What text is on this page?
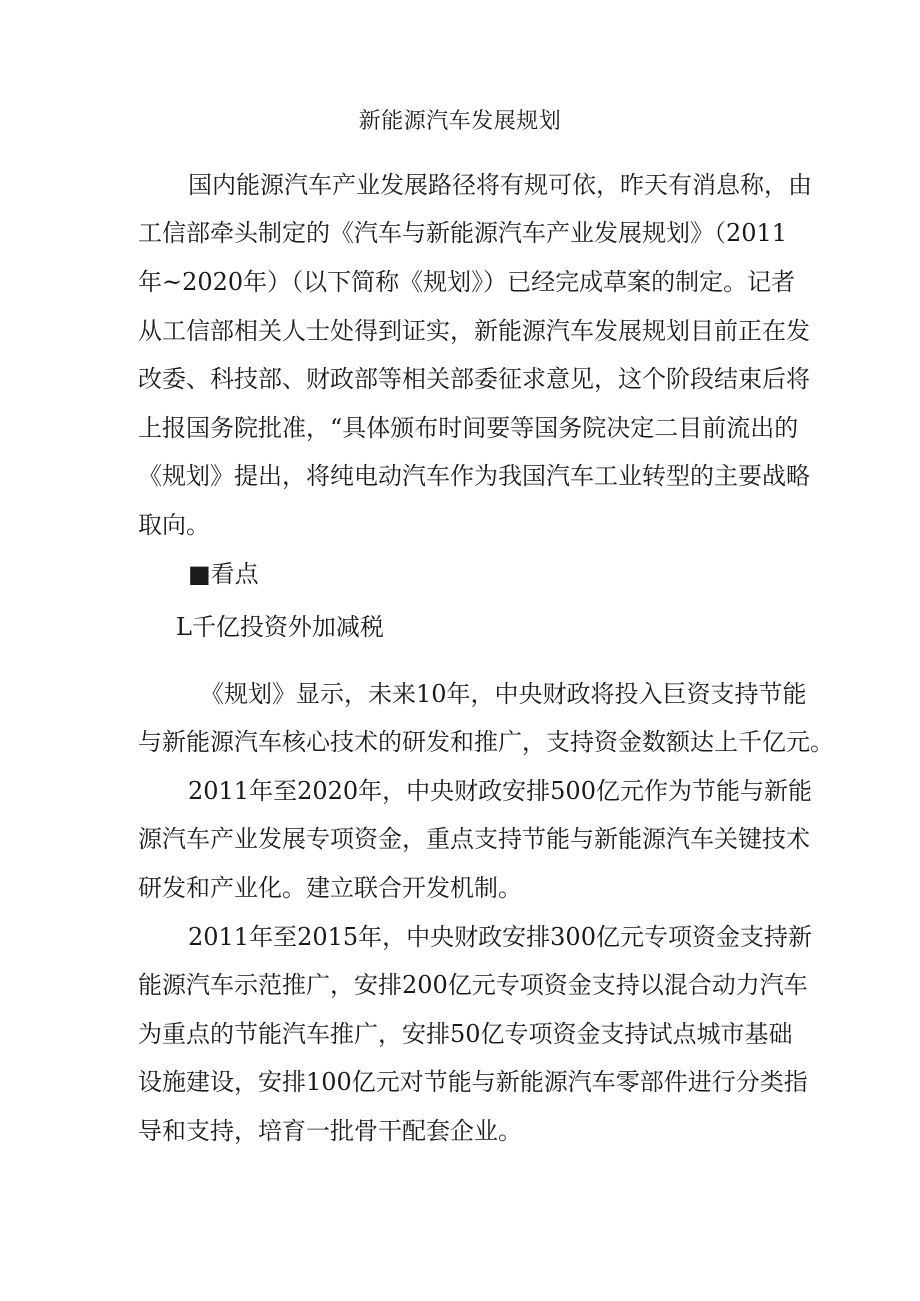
新能源汽车发展规划
国内能源汽车产业发展路径将有规可依，昨天有消息称，由
工信部牵头制定的《汽车与新能源汽车产业发展规划》（2011
年~2020年）（以下简称《规划》）已经完成草案的制定。记者
从工信部相关人士处得到证实，新能源汽车发展规划目前正在发
改委、科技部、财政部等相关部委征求意见，这个阶段结束后将
上报国务院批准，“具体颁布时间要等国务院决定二目前流出的
《规划》提出，将纯电动汽车作为我国汽车工业转型的主要战略
取向。
■看点
L千亿投资外加减税
《规划》显示，未来10年，中央财政将投入巨资支持节能
与新能源汽车核心技术的研发和推广，支持资金数额达上千亿元。
2011年至2020年，中央财政安排500亿元作为节能与新能
源汽车产业发展专项资金，重点支持节能与新能源汽车关键技术
研发和产业化。建立联合开发机制。
2011年至2015年，中央财政安排300亿元专项资金支持新
能源汽车示范推广，安排200亿元专项资金支持以混合动力汽车
为重点的节能汽车推广，安排50亿专项资金支持试点城市基础
设施建设，安排100亿元对节能与新能源汽车零部件进行分类指
导和支持，培育一批骨干配套企业。
